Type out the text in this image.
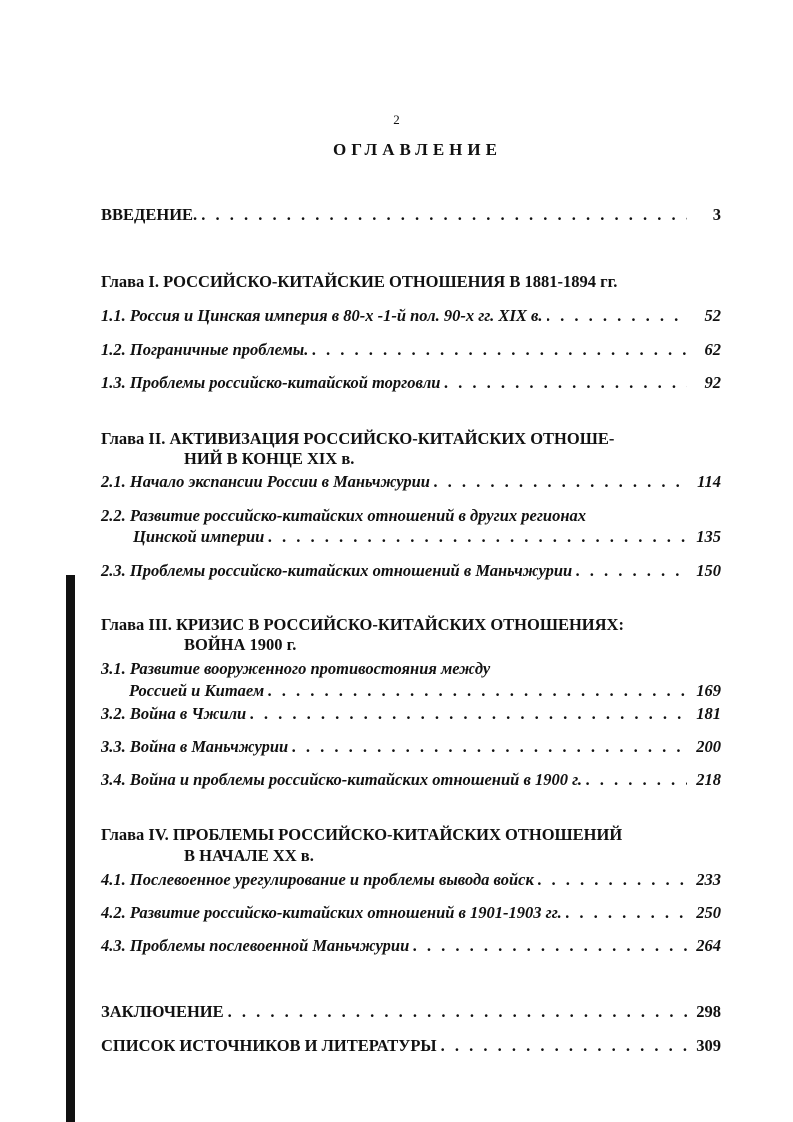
2
ОГЛАВЛЕНИЕ
ВВЕДЕНИЕ. . . .	3
Глава I. РОССИЙСКО-КИТАЙСКИЕ ОТНОШЕНИЯ В 1881-1894 гг.
1.1. Россия и Цинская империя в 80-х -1-й пол. 90-х гг. XIX в. . . .	52
1.2. Пограничные проблемы. . . .	62
1.3. Проблемы российско-китайской торговли . . .	92
Глава II. АКТИВИЗАЦИЯ РОССИЙСКО-КИТАЙСКИХ ОТНОШЕ-
НИЙ В КОНЦЕ XIX в.
2.1. Начало экспансии России в Маньчжурии . . .	114
2.2. Развитие российско-китайских отношений в других регионах
Цинской империи . . .	135
2.3. Проблемы российско-китайских отношений в Маньчжурии . . .	150
Глава III. КРИЗИС В РОССИЙСКО-КИТАЙСКИХ ОТНОШЕНИЯХ:
ВОЙНА 1900 г.
3.1. Развитие вооруженного противостояния между
Россией и Китаем . . .	169
3.2. Война в Чжили . . .	181
3.3. Война в Маньчжурии . . .	200
3.4. Война и проблемы российско-китайских отношений в 1900 г. . . .	218
Глава IV. ПРОБЛЕМЫ РОССИЙСКО-КИТАЙСКИХ ОТНОШЕНИЙ
В НАЧАЛЕ XX в.
4.1. Послевоенное урегулирование и проблемы вывода войск . . .	233
4.2. Развитие российско-китайских отношений в 1901-1903 гг. . . .	250
4.3. Проблемы послевоенной Маньчжурии . . .	264
ЗАКЛЮЧЕНИЕ . . .	298
СПИСОК ИСТОЧНИКОВ И ЛИТЕРАТУРЫ . . .	309
